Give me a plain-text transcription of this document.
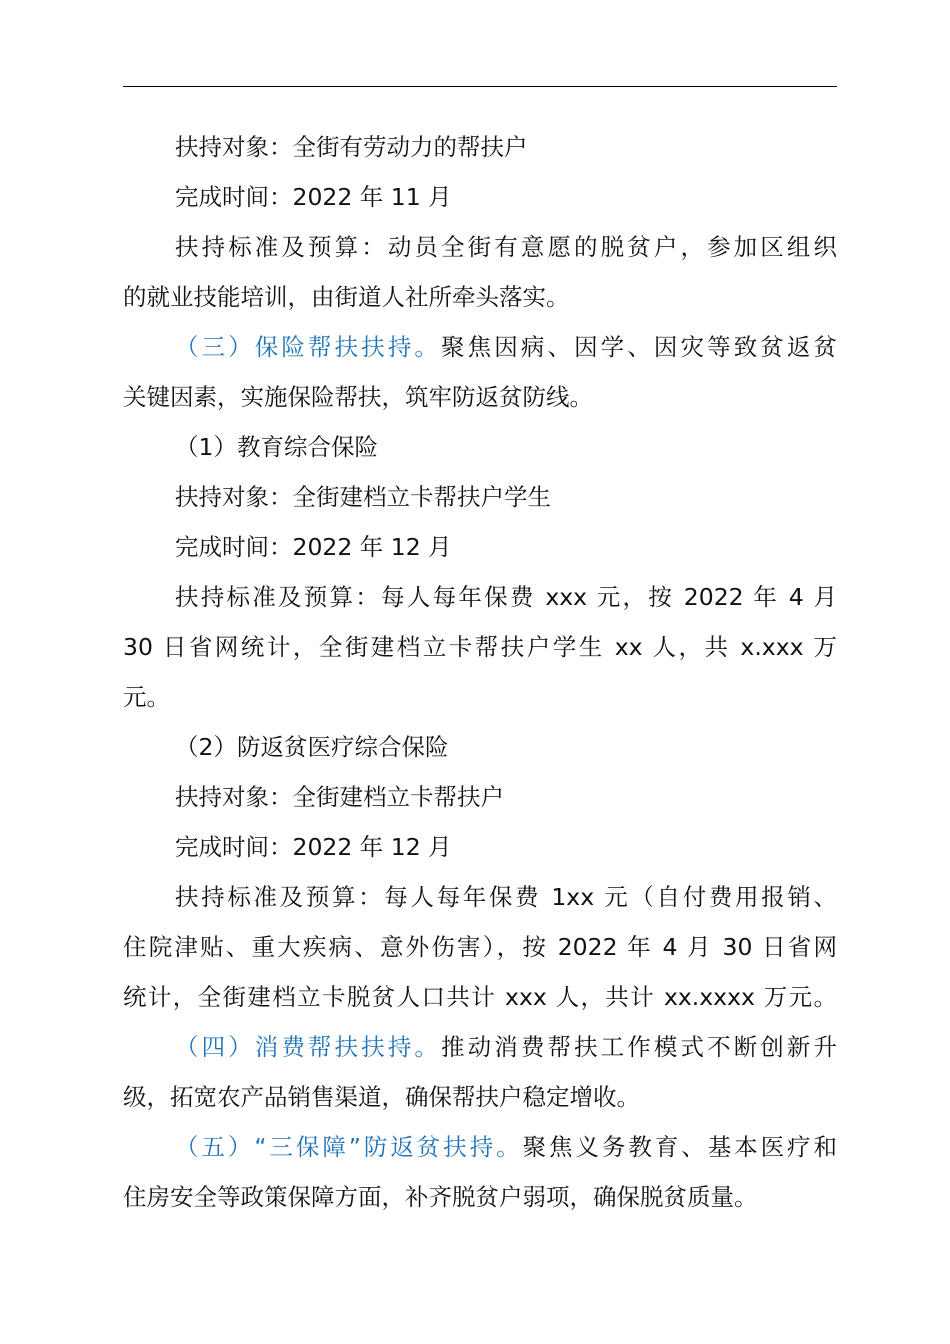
扶持对象：全街有劳动力的帮扶户
完成时间：2022 年 11 月
扶持标准及预算：动员全街有意愿的脱贫户，参加区组织
的就业技能培训，由街道人社所牵头落实。
（三）保险帮扶扶持。聚焦因病、因学、因灾等致贫返贫
关键因素，实施保险帮扶，筑牢防返贫防线。
（1）教育综合保险
扶持对象：全街建档立卡帮扶户学生
完成时间：2022 年 12 月
扶持标准及预算：每人每年保费 xxx 元，按 2022 年 4 月
30 日省网统计，全街建档立卡帮扶户学生 xx 人，共 x.xxx 万
元。
（2）防返贫医疗综合保险
扶持对象：全街建档立卡帮扶户
完成时间：2022 年 12 月
扶持标准及预算：每人每年保费 1xx 元（自付费用报销、
住院津贴、重大疾病、意外伤害），按 2022 年 4 月 30 日省网
统计，全街建档立卡脱贫人口共计 xxx 人，共计 xx.xxxx 万元。
（四）消费帮扶扶持。推动消费帮扶工作模式不断创新升
级，拓宽农产品销售渠道，确保帮扶户稳定增收。
（五）“三保障”防返贫扶持。聚焦义务教育、基本医疗和
住房安全等政策保障方面，补齐脱贫户弱项，确保脱贫质量。
